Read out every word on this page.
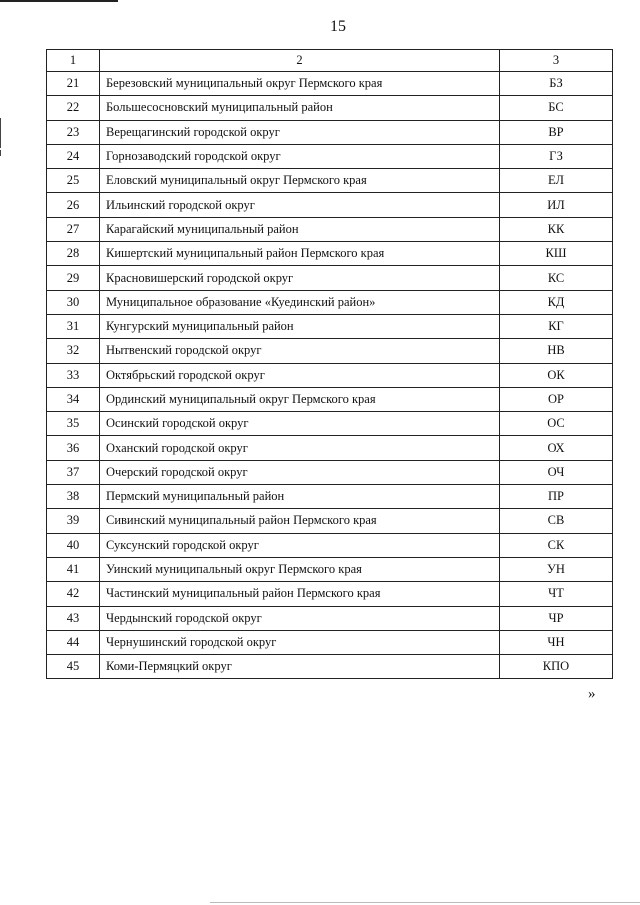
15
1	2	3
21	Березовский муниципальный округ Пермского края	БЗ
22	Большесосновский муниципальный район	БС
23	Верещагинский городской округ	ВР
24	Горнозаводский городской округ	ГЗ
25	Еловский муниципальный округ Пермского края	ЕЛ
26	Ильинский городской округ	ИЛ
27	Карагайский муниципальный район	КК
28	Кишертский муниципальный район Пермского края	КШ
29	Красновишерский городской округ	КС
30	Муниципальное образование «Куединский район»	КД
31	Кунгурский муниципальный район	КГ
32	Нытвенский городской округ	НВ
33	Октябрьский городской округ	ОК
34	Ординский муниципальный округ Пермского края	ОР
35	Осинский городской округ	ОС
36	Оханский городской округ	ОХ
37	Очерский городской округ	ОЧ
38	Пермский муниципальный район	ПР
39	Сивинский муниципальный район Пермского края	СВ
40	Суксунский городской округ	СК
41	Уинский муниципальный округ Пермского края	УН
42	Частинский муниципальный район Пермского края	ЧТ
43	Чердынский городской округ	ЧР
44	Чернушинский городской округ	ЧН
45	Коми-Пермяцкий округ	КПО
»
